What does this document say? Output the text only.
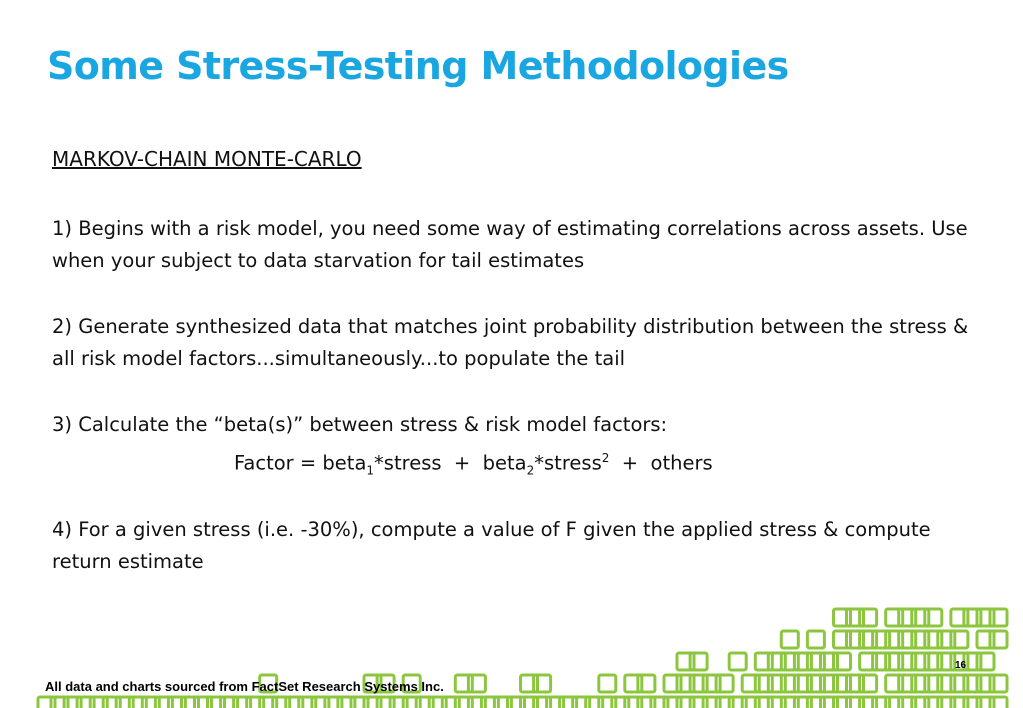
Some Stress-Testing Methodologies
MARKOV-CHAIN MONTE-CARLO
1) Begins with a risk model, you need some way of estimating correlations across assets. Use when your subject to data starvation for tail estimates
2) Generate synthesized data that matches joint probability distribution between the stress & all risk model factors...simultaneously...to populate the tail
3) Calculate the “beta(s)” between stress & risk model factors:
Factor = beta$_1$*stress  +  beta$_2$*stress$^2$  +  others
4) For a given stress (i.e. -30%), compute a value of F given the applied stress & compute return estimate
All data and charts sourced from FactSet Research Systems Inc.
16
